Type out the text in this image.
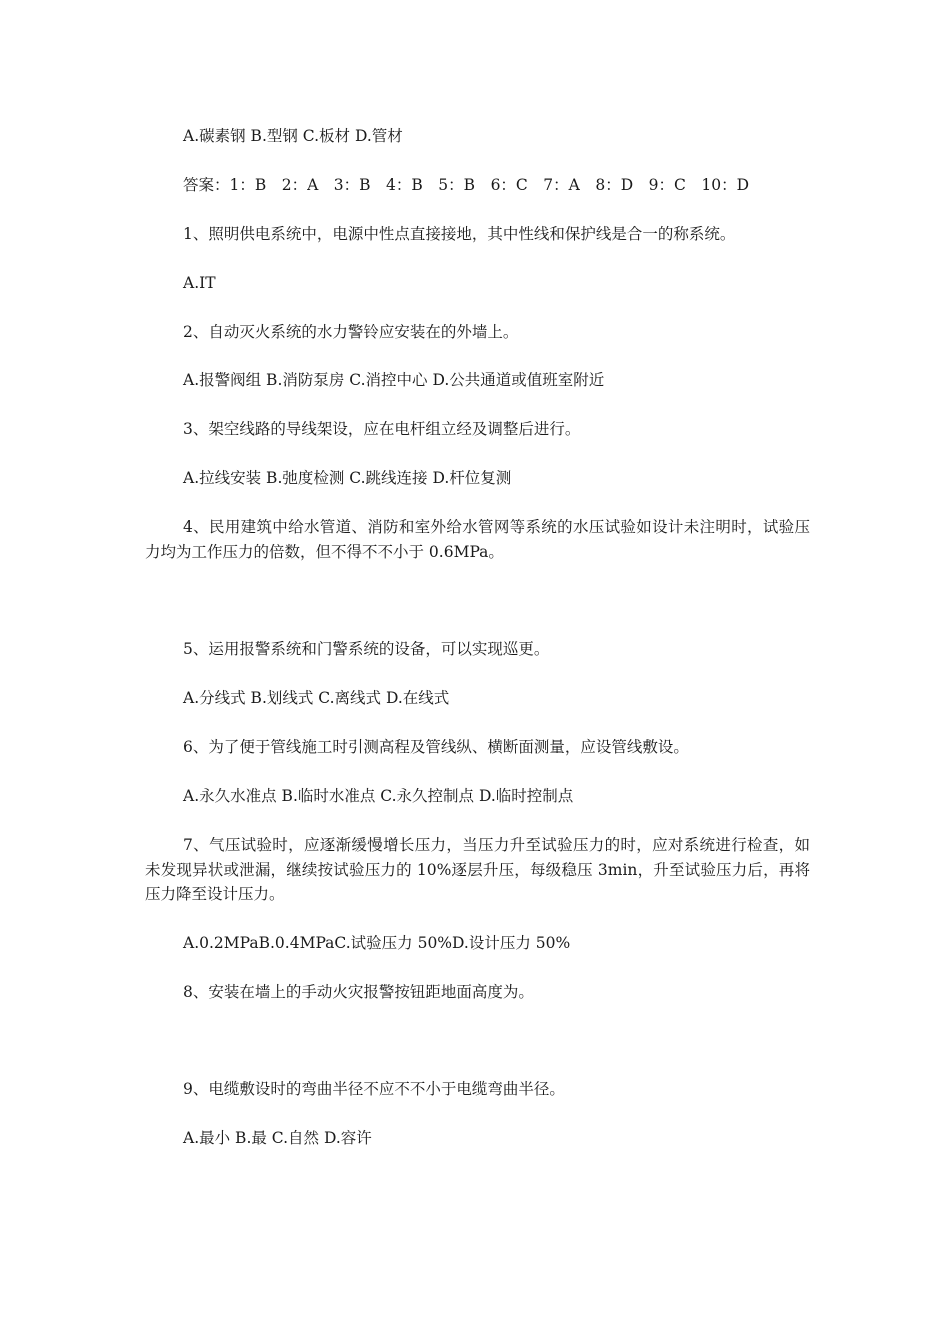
A.碳素钢 B.型钢 C.板材 D.管材
答案：1：B　2：A　3：B　4：B　5：B　6：C　7：A　8：D　9：C　10：D
1、照明供电系统中，电源中性点直接接地，其中性线和保护线是合一的称系统。
A.IT
2、自动灭火系统的水力警铃应安装在的外墙上。
A.报警阀组 B.消防泵房 C.消控中心 D.公共通道或值班室附近
3、架空线路的导线架设，应在电杆组立经及调整后进行。
A.拉线安装 B.弛度检测 C.跳线连接 D.杆位复测
4、民用建筑中给水管道、消防和室外给水管网等系统的水压试验如设计未注明时，试验压力均为工作压力的倍数，但不得不不小于 0.6MPa。
5、运用报警系统和门警系统的设备，可以实现巡更。
A.分线式 B.划线式 C.离线式 D.在线式
6、为了便于管线施工时引测高程及管线纵、横断面测量，应设管线敷设。
A.永久水准点 B.临时水准点 C.永久控制点 D.临时控制点
7、气压试验时，应逐渐缓慢增长压力，当压力升至试验压力的时，应对系统进行检查，如未发现异状或泄漏，继续按试验压力的 10%逐层升压，每级稳压 3min，升至试验压力后，再将压力降至设计压力。
A.0.2MPaB.0.4MPaC.试验压力 50%D.设计压力 50%
8、安装在墙上的手动火灾报警按钮距地面高度为。
9、电缆敷设时的弯曲半径不应不不小于电缆弯曲半径。
A.最小 B.最 C.自然 D.容许
